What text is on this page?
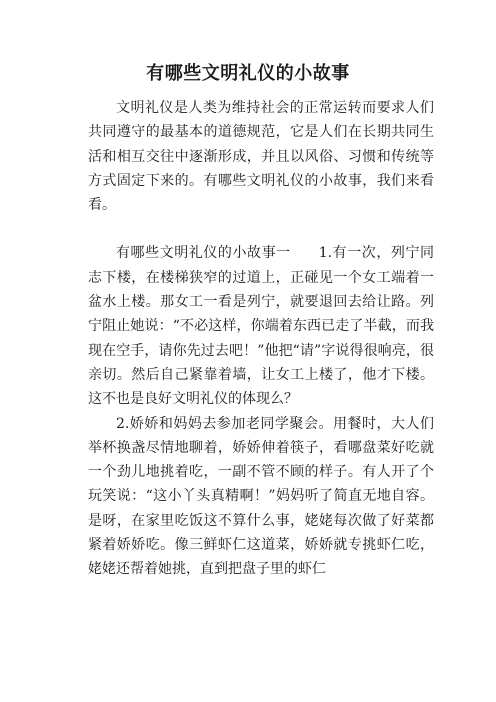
有哪些文明礼仪的小故事

文明礼仪是人类为维持社会的正常运转而要求人们共同遵守的最基本的道德规范，它是人们在长期共同生活和相互交往中逐渐形成，并且以风俗、习惯和传统等方式固定下来的。有哪些文明礼仪的小故事，我们来看看。

有哪些文明礼仪的小故事一 1.有一次，列宁同志下楼，在楼梯狭窄的过道上，正碰见一个女工端着一盆水上楼。那女工一看是列宁，就要退回去给让路。列宁阻止她说：“不必这样，你端着东西已走了半截，而我现在空手，请你先过去吧！”他把“请”字说得很响亮，很亲切。然后自己紧靠着墙，让女工上楼了，他才下楼。这不也是良好文明礼仪的体现么？

2.娇娇和妈妈去参加老同学聚会。用餐时，大人们举杯换盏尽情地聊着，娇娇伸着筷子，看哪盘菜好吃就一个劲儿地挑着吃，一副不管不顾的样子。有人开了个玩笑说：“这小丫头真精啊！”妈妈听了简直无地自容。是呀，在家里吃饭这不算什么事，姥姥每次做了好菜都紧着娇娇吃。像三鲜虾仁这道菜，娇娇就专挑虾仁吃，姥姥还帮着她挑，直到把盘子里的虾仁
